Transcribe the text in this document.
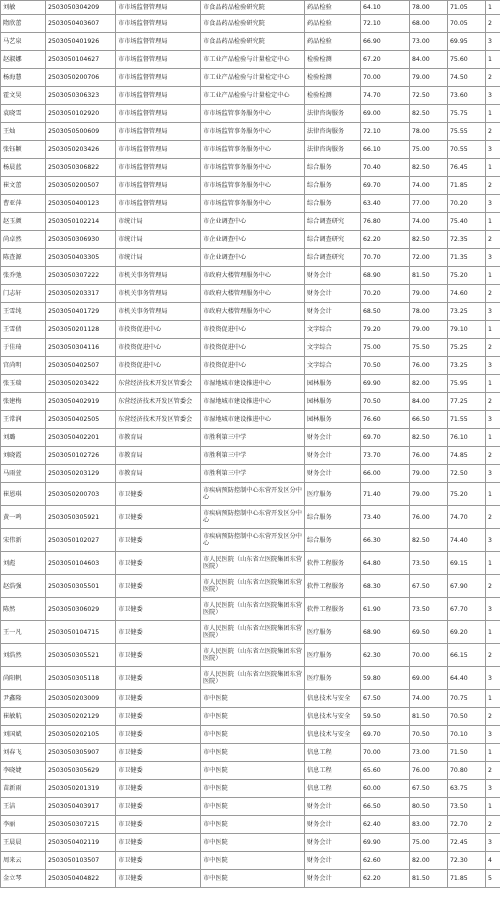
刘敏	2503050304209	市市场监督管理局	市食品药品检验研究院	药品检验	64.10	78.00	71.05	1
隋欣蕾	2503050403607	市市场监督管理局	市食品药品检验研究院	药品检验	72.10	68.00	70.05	2
马艺泉	2503050401926	市市场监督管理局	市食品药品检验研究院	药品检验	66.90	73.00	69.95	3
赵淑娜	2503050104627	市市场监督管理局	市工业产品检验与计量检定中心	检验检测	67.20	84.00	75.60	1
杨海慧	2503050200706	市市场监督管理局	市工业产品检验与计量检定中心	检验检测	70.00	79.00	74.50	2
霍文昊	2503050306323	市市场监督管理局	市工业产品检验与计量检定中心	检验检测	74.70	72.50	73.60	3
袁晓雪	2503050102920	市市场监督管理局	市市场监管事务服务中心	法律咨询服务	69.00	82.50	75.75	1
王灿	2503050500609	市市场监督管理局	市市场监管事务服务中心	法律咨询服务	72.10	78.00	75.55	2
张钰颖	2503050203426	市市场监督管理局	市市场监管事务服务中心	法律咨询服务	66.10	75.00	70.55	3
杨晨蓝	2503050306822	市市场监督管理局	市市场监管事务服务中心	综合服务	70.40	82.50	76.45	1
崔文蕾	2503050200507	市市场监督管理局	市市场监管事务服务中心	综合服务	69.70	74.00	71.85	2
曹亚萍	2503050400123	市市场监督管理局	市市场监管事务服务中心	综合服务	63.40	77.00	70.20	3
赵玉颜	2503050102214	市统计局	市企业调查中心	综合调查研究	76.80	74.00	75.40	1
尚卓然	2503050306930	市统计局	市企业调查中心	综合调查研究	62.20	82.50	72.35	2
陈查源	2503050403305	市统计局	市企业调查中心	综合调查研究	70.70	72.00	71.35	3
张乔弛	2503050307222	市机关事务管理局	市政府大楼管理服务中心	财务会计	68.90	81.50	75.20	1
门志轩	2503050203317	市机关事务管理局	市政府大楼管理服务中心	财务会计	70.20	79.00	74.60	2
王雪纯	2503050401729	市机关事务管理局	市政府大楼管理服务中心	财务会计	68.50	78.00	73.25	3
王雪倩	2503050201128	市投资促进中心	市投资促进中心	文字综合	79.20	79.00	79.10	1
于佳琦	2503050304116	市投资促进中心	市投资促进中心	文字综合	75.00	75.50	75.25	2
宫尚明	2503050402507	市投资促进中心	市投资促进中心	文字综合	70.50	76.00	73.25	3
张玉瑞	2503050203422	东营经济技术开发区管委会	市湿地城市建设推进中心	园林服务	69.90	82.00	75.95	1
张建梅	2503050402919	东营经济技术开发区管委会	市湿地城市建设推进中心	园林服务	70.50	84.00	77.25	2
王常润	2503050402505	东营经济技术开发区管委会	市湿地城市建设推进中心	园林服务	76.60	66.50	71.55	3
刘璐	2503050402201	市教育局	市胜利第三中学	财务会计	69.70	82.50	76.10	1
刘晓霞	2503050102726	市教育局	市胜利第三中学	财务会计	73.70	76.00	74.85	2
马雨萱	2503050203129	市教育局	市胜利第三中学	财务会计	66.00	79.00	72.50	3
崔恩琪	2503050200703	市卫健委	市疾病预防控制中心东营开发区分中心	医疗服务	71.40	79.00	75.20	1
黄一鸣	2503050305921	市卫健委	市疾病预防控制中心东营开发区分中心	综合服务	73.40	76.00	74.70	2
宋伟新	2503050102027	市卫健委	市疾病预防控制中心东营开发区分中心	综合服务	66.30	82.50	74.40	3
刘彪	2503050104603	市卫健委	市人民医院（山东省立医院集团东营医院）	软件工程服务	64.80	73.50	69.15	1
赵浩强	2503050305501	市卫健委	市人民医院（山东省立医院集团东营医院）	软件工程服务	68.30	67.50	67.90	2
陈然	2503050306029	市卫健委	市人民医院（山东省立医院集团东营医院）	软件工程服务	61.90	73.50	67.70	3
王一凡	2503050104715	市卫健委	市人民医院（山东省立医院集团东营医院）	医疗服务	68.90	69.50	69.20	1
刘浩然	2503050305521	市卫健委	市人民医院（山东省立医院集团东营医院）	医疗服务	62.30	70.00	66.15	2
尚阳帆	2503050305118	市卫健委	市人民医院（山东省立医院集团东营医院）	医疗服务	59.80	69.00	64.40	3
尹鑫隆	2503050203009	市卫健委	市中医院	信息技术与安全	67.50	74.00	70.75	1
崔敏航	2503050202129	市卫健委	市中医院	信息技术与安全	59.50	81.50	70.50	2
刘国斌	2503050202105	市卫健委	市中医院	信息技术与安全	69.70	70.50	70.10	3
刘春飞	2503050305907	市卫健委	市中医院	信息工程	70.00	73.00	71.50	1
李晓婕	2503050305629	市卫健委	市中医院	信息工程	65.60	76.00	70.80	2
苗新雨	2503050201319	市卫健委	市中医院	信息工程	60.00	67.50	63.75	3
王洁	2503050403917	市卫健委	市中医院	财务会计	66.50	80.50	73.50	1
李丽	2503050307215	市卫健委	市中医院	财务会计	62.40	83.00	72.70	2
王晨晨	2503050402119	市卫健委	市中医院	财务会计	69.90	75.00	72.45	3
周来云	2503050103507	市卫健委	市中医院	财务会计	62.60	82.00	72.30	4
金立琴	2503050404822	市卫健委	市中医院	财务会计	62.20	81.50	71.85	5
